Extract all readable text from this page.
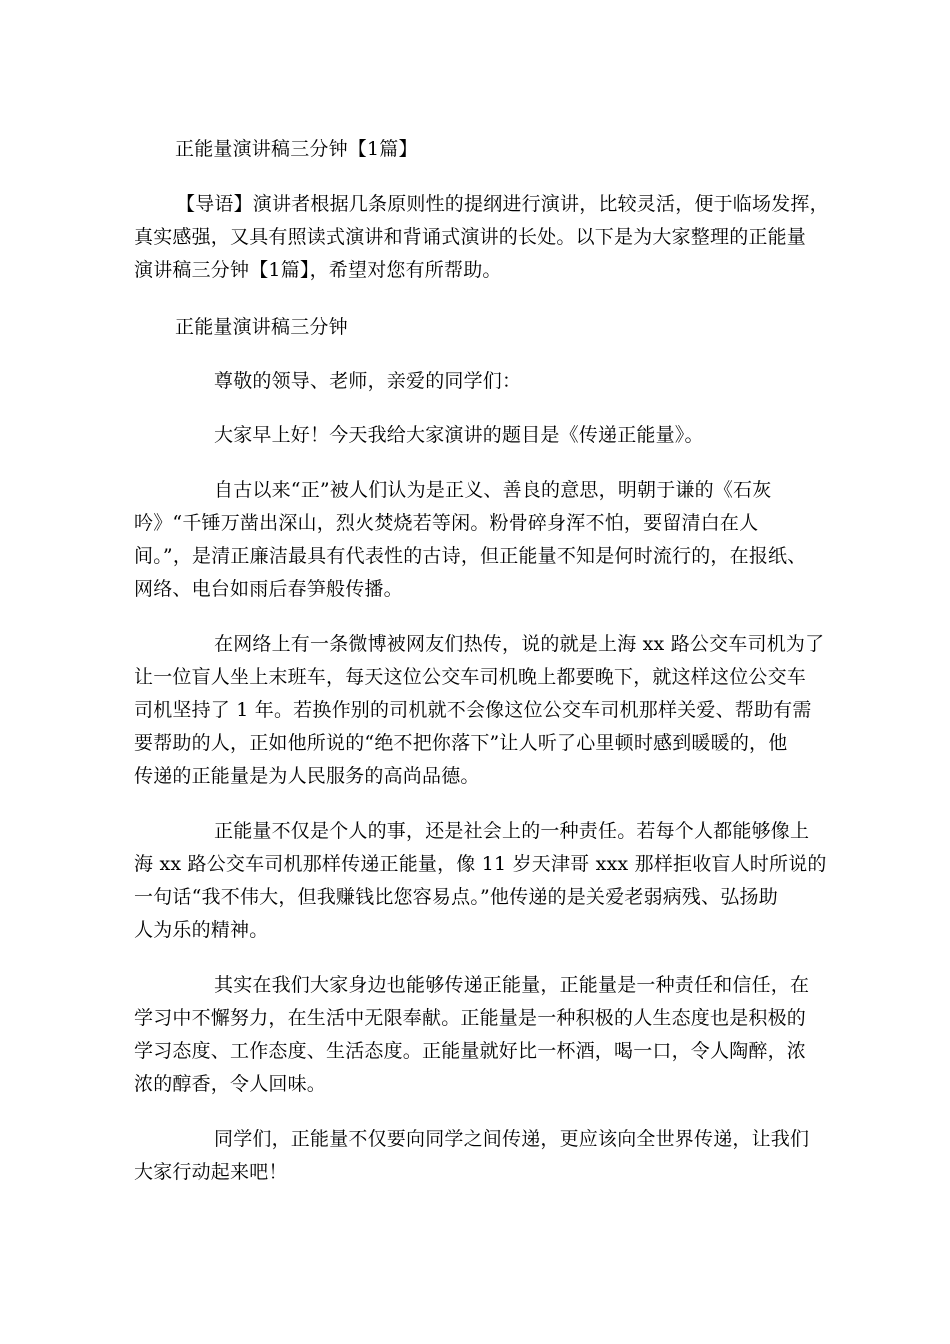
正能量演讲稿三分钟【1篇】
【导语】演讲者根据几条原则性的提纲进行演讲，比较灵活，便于临场发挥，
真实感强，又具有照读式演讲和背诵式演讲的长处。以下是为大家整理的正能量
演讲稿三分钟【1篇】，希望对您有所帮助。
正能量演讲稿三分钟
尊敬的领导、老师，亲爱的同学们：
大家早上好！今天我给大家演讲的题目是《传递正能量》。
自古以来“正”被人们认为是正义、善良的意思，明朝于谦的《石灰
吟》“千锤万凿出深山，烈火焚烧若等闲。粉骨碎身浑不怕，要留清白在人
间。”，是清正廉洁最具有代表性的古诗，但正能量不知是何时流行的，在报纸、
网络、电台如雨后春笋般传播。
在网络上有一条微博被网友们热传，说的就是上海 xx 路公交车司机为了
让一位盲人坐上末班车，每天这位公交车司机晚上都要晚下，就这样这位公交车
司机坚持了 1 年。若换作别的司机就不会像这位公交车司机那样关爱、帮助有需
要帮助的人，正如他所说的“绝不把你落下”让人听了心里顿时感到暖暖的，他
传递的正能量是为人民服务的高尚品德。
正能量不仅是个人的事，还是社会上的一种责任。若每个人都能够像上
海 xx 路公交车司机那样传递正能量，像 11 岁天津哥 xxx 那样拒收盲人时所说的
一句话“我不伟大，但我赚钱比您容易点。”他传递的是关爱老弱病残、弘扬助
人为乐的精神。
其实在我们大家身边也能够传递正能量，正能量是一种责任和信任，在
学习中不懈努力，在生活中无限奉献。正能量是一种积极的人生态度也是积极的
学习态度、工作态度、生活态度。正能量就好比一杯酒，喝一口，令人陶醉，浓
浓的醇香，令人回味。
同学们，正能量不仅要向同学之间传递，更应该向全世界传递，让我们
大家行动起来吧！
